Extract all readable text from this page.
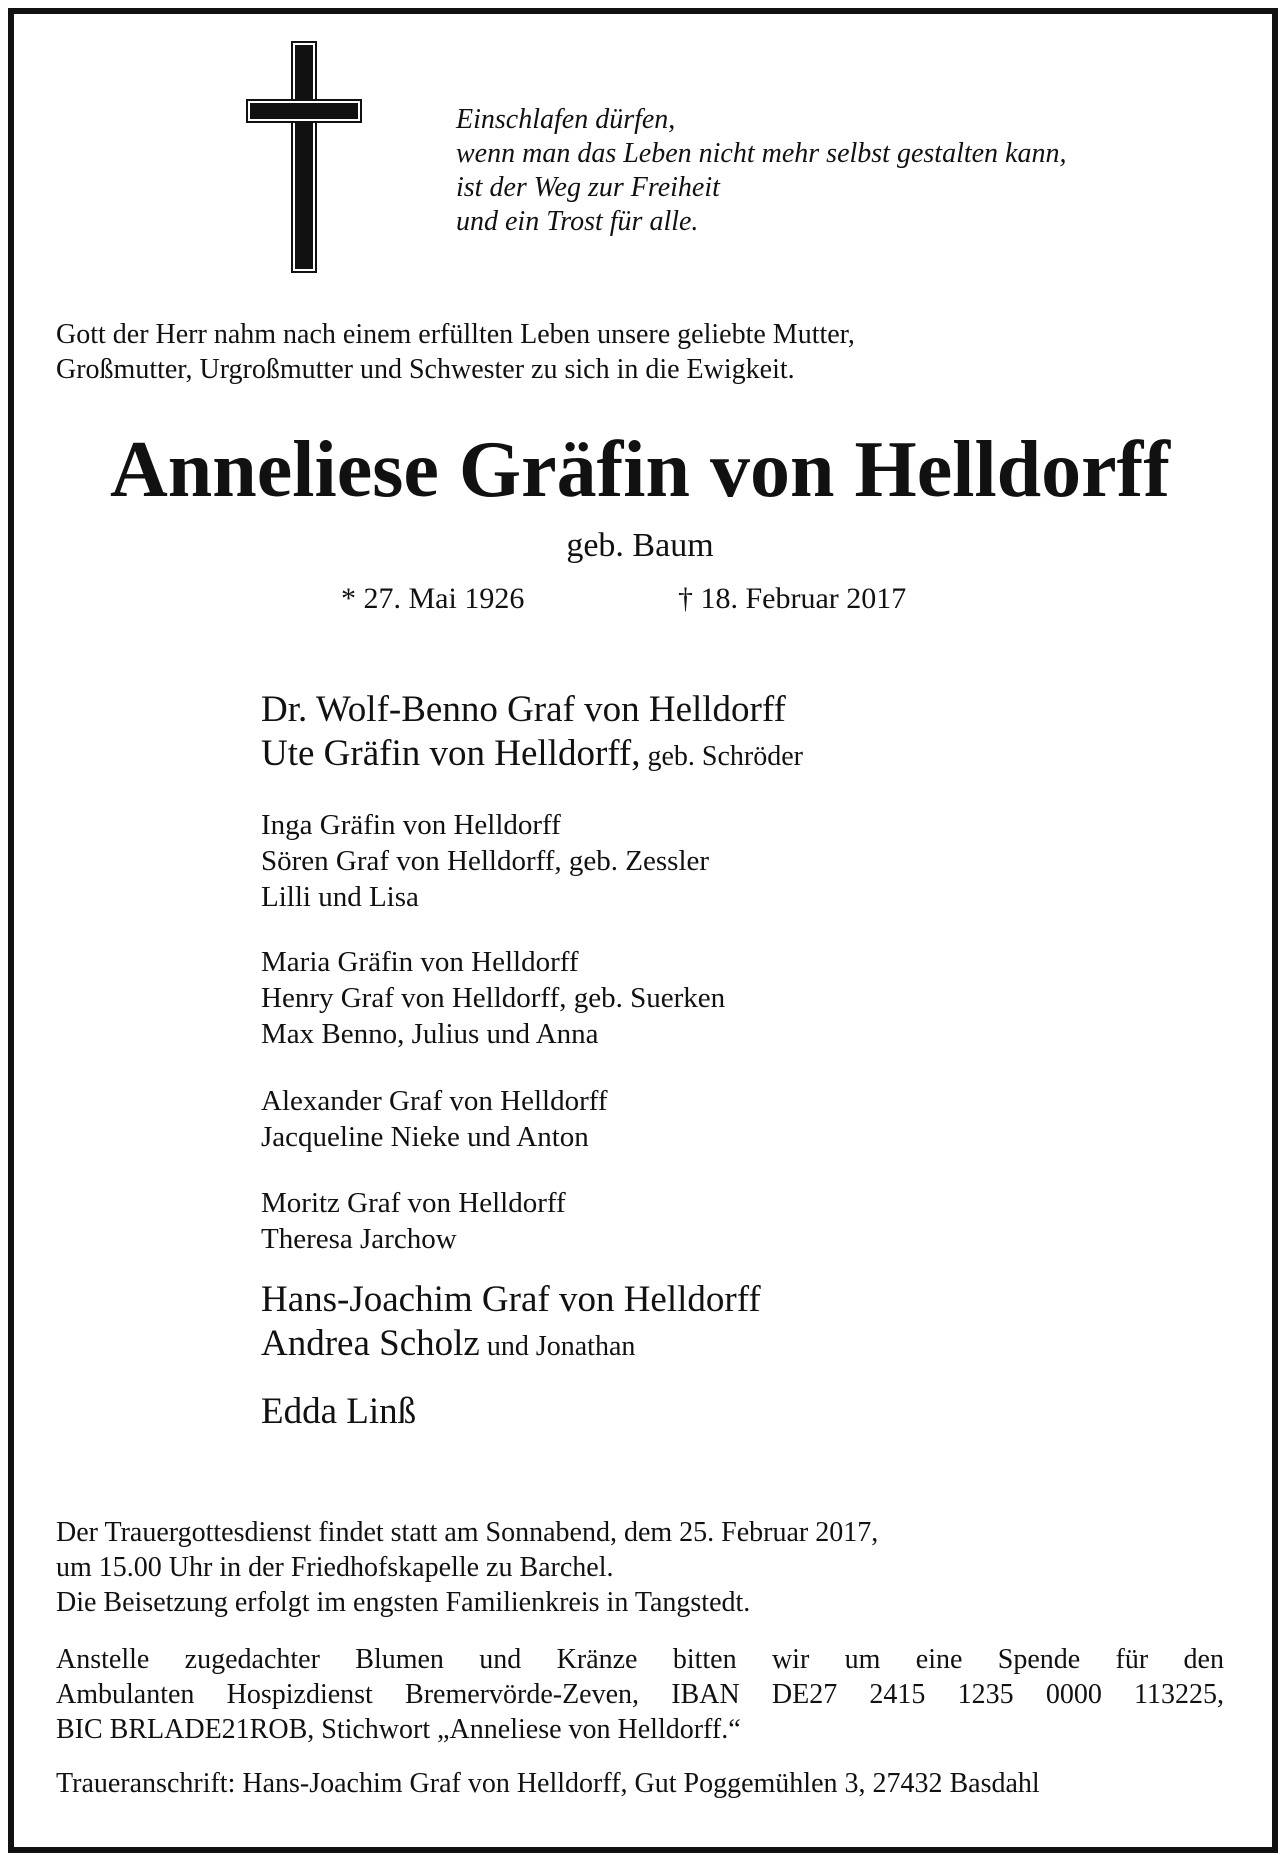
Einschlafen dürfen,
wenn man das Leben nicht mehr selbst gestalten kann,
ist der Weg zur Freiheit
und ein Trost für alle.
Gott der Herr nahm nach einem erfüllten Leben unsere geliebte Mutter,
Großmutter, Urgroßmutter und Schwester zu sich in die Ewigkeit.
Anneliese Gräfin von Helldorff
geb. Baum
* 27. Mai 1926	† 18. Februar 2017
Dr. Wolf-Benno Graf von Helldorff
Ute Gräfin von Helldorff, geb. Schröder
Inga Gräfin von Helldorff
Sören Graf von Helldorff, geb. Zessler
Lilli und Lisa
Maria Gräfin von Helldorff
Henry Graf von Helldorff, geb. Suerken
Max Benno, Julius und Anna
Alexander Graf von Helldorff
Jacqueline Nieke und Anton
Moritz Graf von Helldorff
Theresa Jarchow
Hans-Joachim Graf von Helldorff
Andrea Scholz und Jonathan
Edda Linß
Der Trauergottesdienst findet statt am Sonnabend, dem 25. Februar 2017,
um 15.00 Uhr in der Friedhofskapelle zu Barchel.
Die Beisetzung erfolgt im engsten Familienkreis in Tangstedt.
Anstelle zugedachter Blumen und Kränze bitten wir um eine Spende für den
Ambulanten Hospizdienst Bremervörde-Zeven, IBAN DE27 2415 1235 0000 113225,
BIC BRLADE21ROB, Stichwort „Anneliese von Helldorff.“
Traueranschrift: Hans-Joachim Graf von Helldorff, Gut Poggemühlen 3, 27432 Basdahl
